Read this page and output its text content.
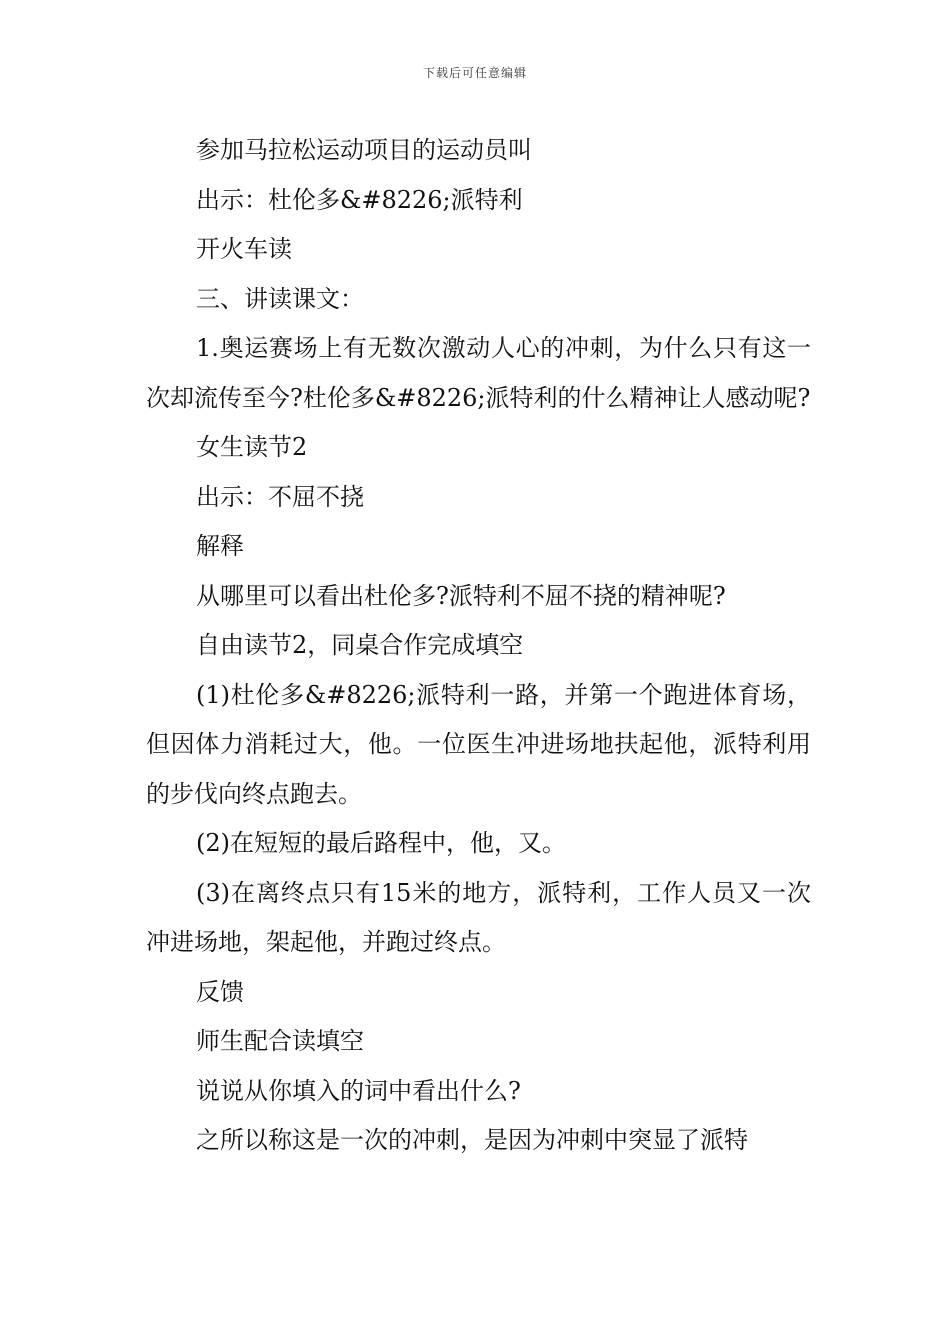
下载后可任意编辑

参加马拉松运动项目的运动员叫

出示：杜伦多&#8226;派特利

开火车读

三、讲读课文：

1.奥运赛场上有无数次激动人心的冲刺，为什么只有这一次却流传至今?杜伦多&#8226;派特利的什么精神让人感动呢?

女生读节2

出示：不屈不挠

解释

从哪里可以看出杜伦多?派特利不屈不挠的精神呢?

自由读节2，同桌合作完成填空

(1)杜伦多&#8226;派特利一路，并第一个跑进体育场，但因体力消耗过大，他。一位医生冲进场地扶起他，派特利用的步伐向终点跑去。

(2)在短短的最后路程中，他，又。

(3)在离终点只有15米的地方，派特利，工作人员又一次冲进场地，架起他，并跑过终点。

反馈

师生配合读填空

说说从你填入的词中看出什么?

之所以称这是一次的冲刺，是因为冲刺中突显了派特
